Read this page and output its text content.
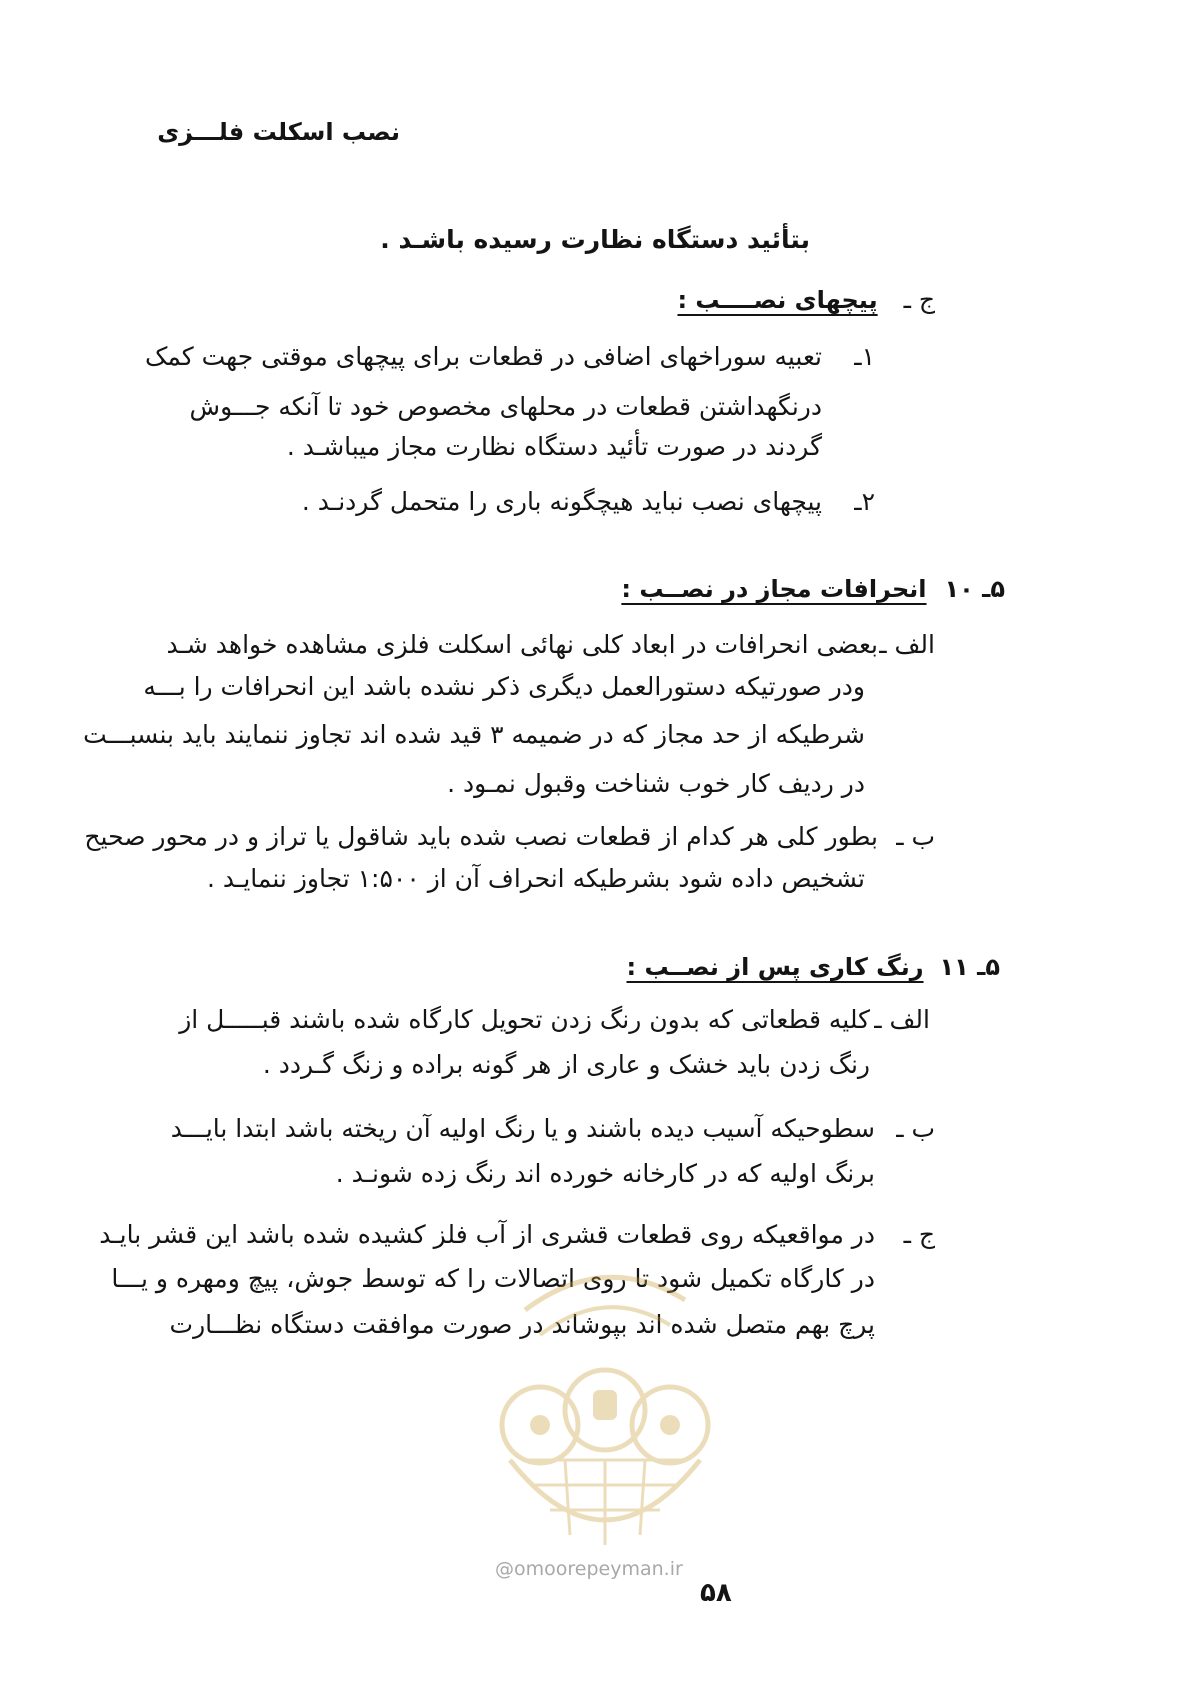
نصب اسکلت فلـــزی
بتأئید دستگاه نظارت رسیده باشـد .
ج ـ پیچهای نصــــب :
۱ـ
تعبیه سوراخهای اضافی در قطعات برای پیچهای موقتی جهت کمک
درنگهداشتن قطعات در محلهای مخصوص خود تا آنکه جـــوش
گردند در صورت تأئید دستگاه نظارت مجاز میباشـد .
۲ـ
پیچهای نصب نباید هیچگونه باری را متحمل گردنـد .
۵ـ ۱۰ انحرافات مجاز در نصــب :
الف ـ
بعضی انحرافات در ابعاد کلی نهائی اسکلت فلزی مشاهده خواهد شـد
ودر صورتیکه دستورالعمل دیگری ذکر نشده باشد این انحرافات را بـــه
شرطیکه از حد مجاز که در ضمیمه ۳ قید شده اند تجاوز ننمایند باید بنسبـــت
در ردیف کار خوب شناخت وقبول نمـود .
ب ـ
بطور کلی هر کدام از قطعات نصب شده باید شاقول یا تراز و در محور صحیح
تشخیص داده شود بشرطیکه انحراف آن از ۱:۵۰۰ تجاوز ننمایـد .
۵ـ ۱۱ رنگ کاری پس از نصــب :
الف ـ
کلیه قطعاتی که بدون رنگ زدن تحویل کارگاه شده باشند قبـــــل از
رنگ زدن باید خشک و عاری از هر گونه براده و زنگ گـردد .
ب ـ
سطوحیکه آسیب دیده باشند و یا رنگ اولیه آن ریخته باشد ابتدا بایـــد
برنگ اولیه که در کارخانه خورده اند رنگ زده شونـد .
ج ـ
در مواقعیکه روی قطعات قشری از آب فلز کشیده شده باشد این قشر بایـد
در کارگاه تکمیل شود تا روی اتصالات را که توسط جوش، پیچ ومهره و یـــا
پرچ بهم متصل شده اند بپوشاند در صورت موافقت دستگاه نظـــارت
@omoorepeyman.ir
۵۸
